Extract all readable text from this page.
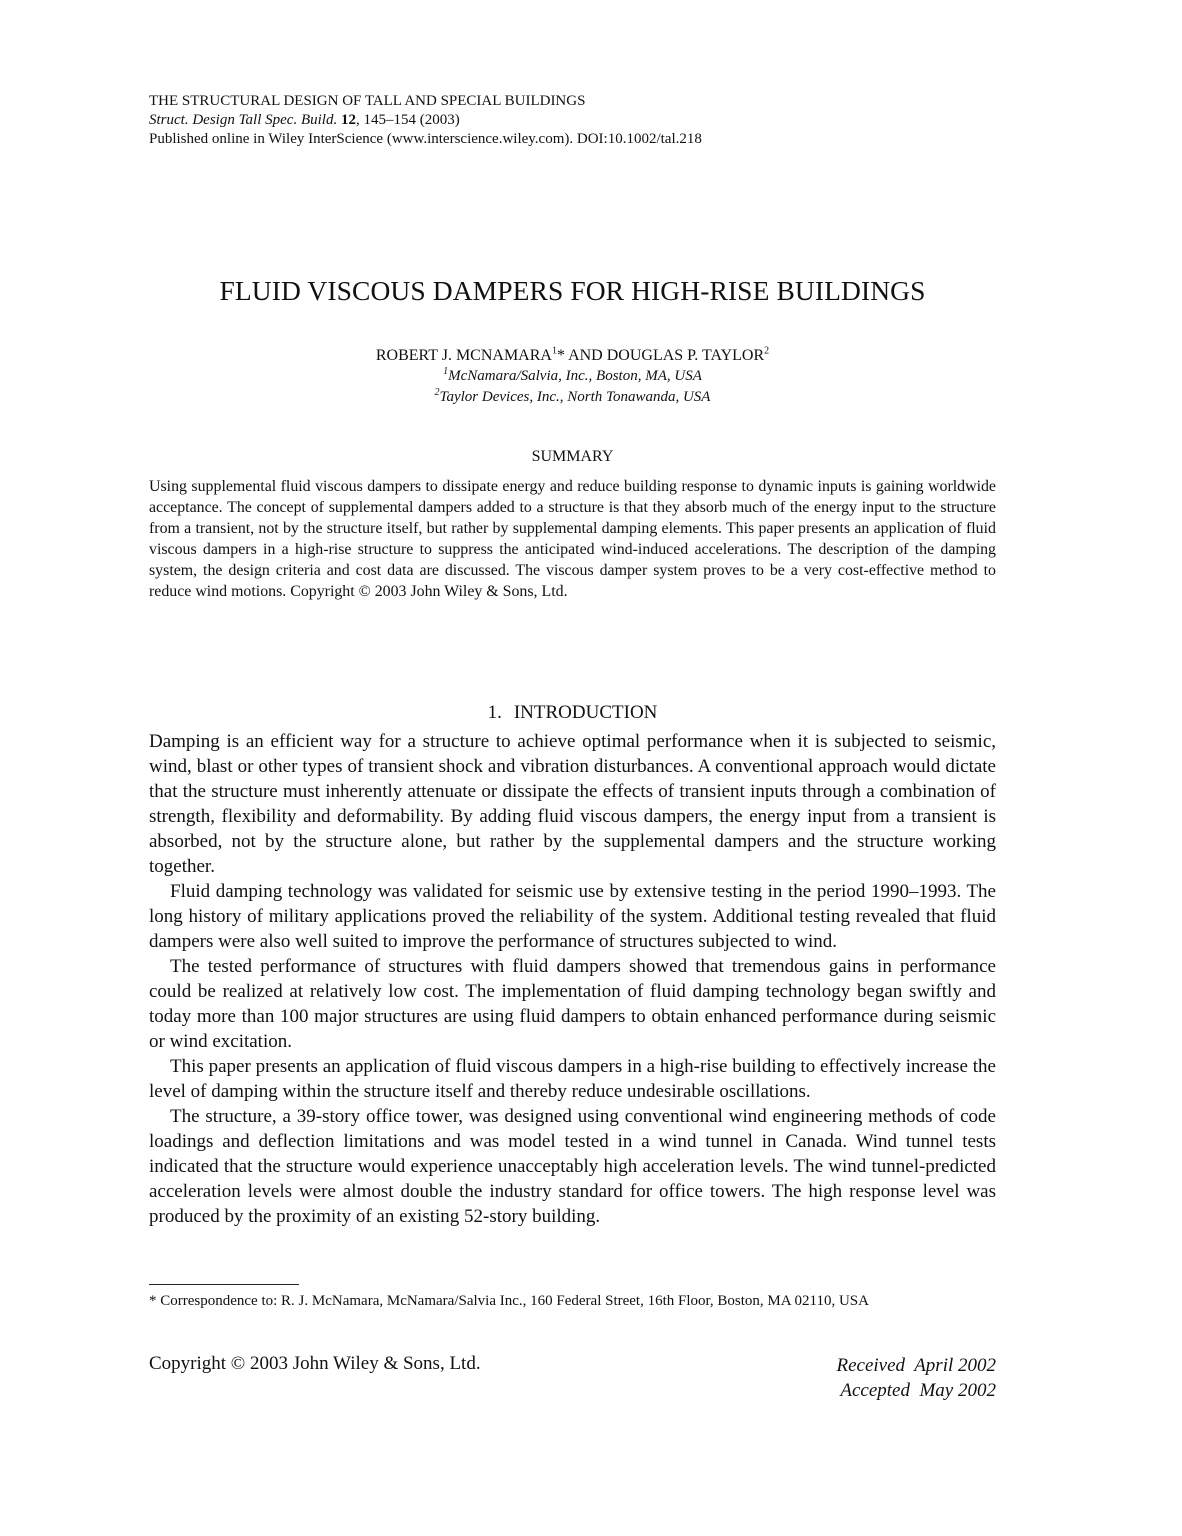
THE STRUCTURAL DESIGN OF TALL AND SPECIAL BUILDINGS
Struct. Design Tall Spec. Build. 12, 145–154 (2003)
Published online in Wiley InterScience (www.interscience.wiley.com). DOI:10.1002/tal.218
FLUID VISCOUS DAMPERS FOR HIGH-RISE BUILDINGS
ROBERT J. MCNAMARA$^1$* AND DOUGLAS P. TAYLOR$^2$
$^1$McNamara/Salvia, Inc., Boston, MA, USA
$^2$Taylor Devices, Inc., North Tonawanda, USA
SUMMARY
Using supplemental fluid viscous dampers to dissipate energy and reduce building response to dynamic inputs is gaining worldwide acceptance. The concept of supplemental dampers added to a structure is that they absorb much of the energy input to the structure from a transient, not by the structure itself, but rather by supplemental damping elements. This paper presents an application of fluid viscous dampers in a high-rise structure to suppress the anticipated wind-induced accelerations. The description of the damping system, the design criteria and cost data are discussed. The viscous damper system proves to be a very cost-effective method to reduce wind motions. Copyright © 2003 John Wiley & Sons, Ltd.
1. INTRODUCTION

Damping is an efficient way for a structure to achieve optimal performance when it is subjected to seismic, wind, blast or other types of transient shock and vibration disturbances. A conventional approach would dictate that the structure must inherently attenuate or dissipate the effects of transient inputs through a combination of strength, flexibility and deformability. By adding fluid viscous dampers, the energy input from a transient is absorbed, not by the structure alone, but rather by the supplemental dampers and the structure working together.

Fluid damping technology was validated for seismic use by extensive testing in the period 1990–1993. The long history of military applications proved the reliability of the system. Additional testing revealed that fluid dampers were also well suited to improve the performance of structures subjected to wind.

The tested performance of structures with fluid dampers showed that tremendous gains in performance could be realized at relatively low cost. The implementation of fluid damping technology began swiftly and today more than 100 major structures are using fluid dampers to obtain enhanced performance during seismic or wind excitation.

This paper presents an application of fluid viscous dampers in a high-rise building to effectively increase the level of damping within the structure itself and thereby reduce undesirable oscillations.

The structure, a 39-story office tower, was designed using conventional wind engineering methods of code loadings and deflection limitations and was model tested in a wind tunnel in Canada. Wind tunnel tests indicated that the structure would experience unacceptably high acceleration levels. The wind tunnel-predicted acceleration levels were almost double the industry standard for office towers. The high response level was produced by the proximity of an existing 52-story building.

* Correspondence to: R. J. McNamara, McNamara/Salvia Inc., 160 Federal Street, 16th Floor, Boston, MA 02110, USA
Copyright © 2003 John Wiley & Sons, Ltd.	Received  April 2002
Accepted  May 2002
